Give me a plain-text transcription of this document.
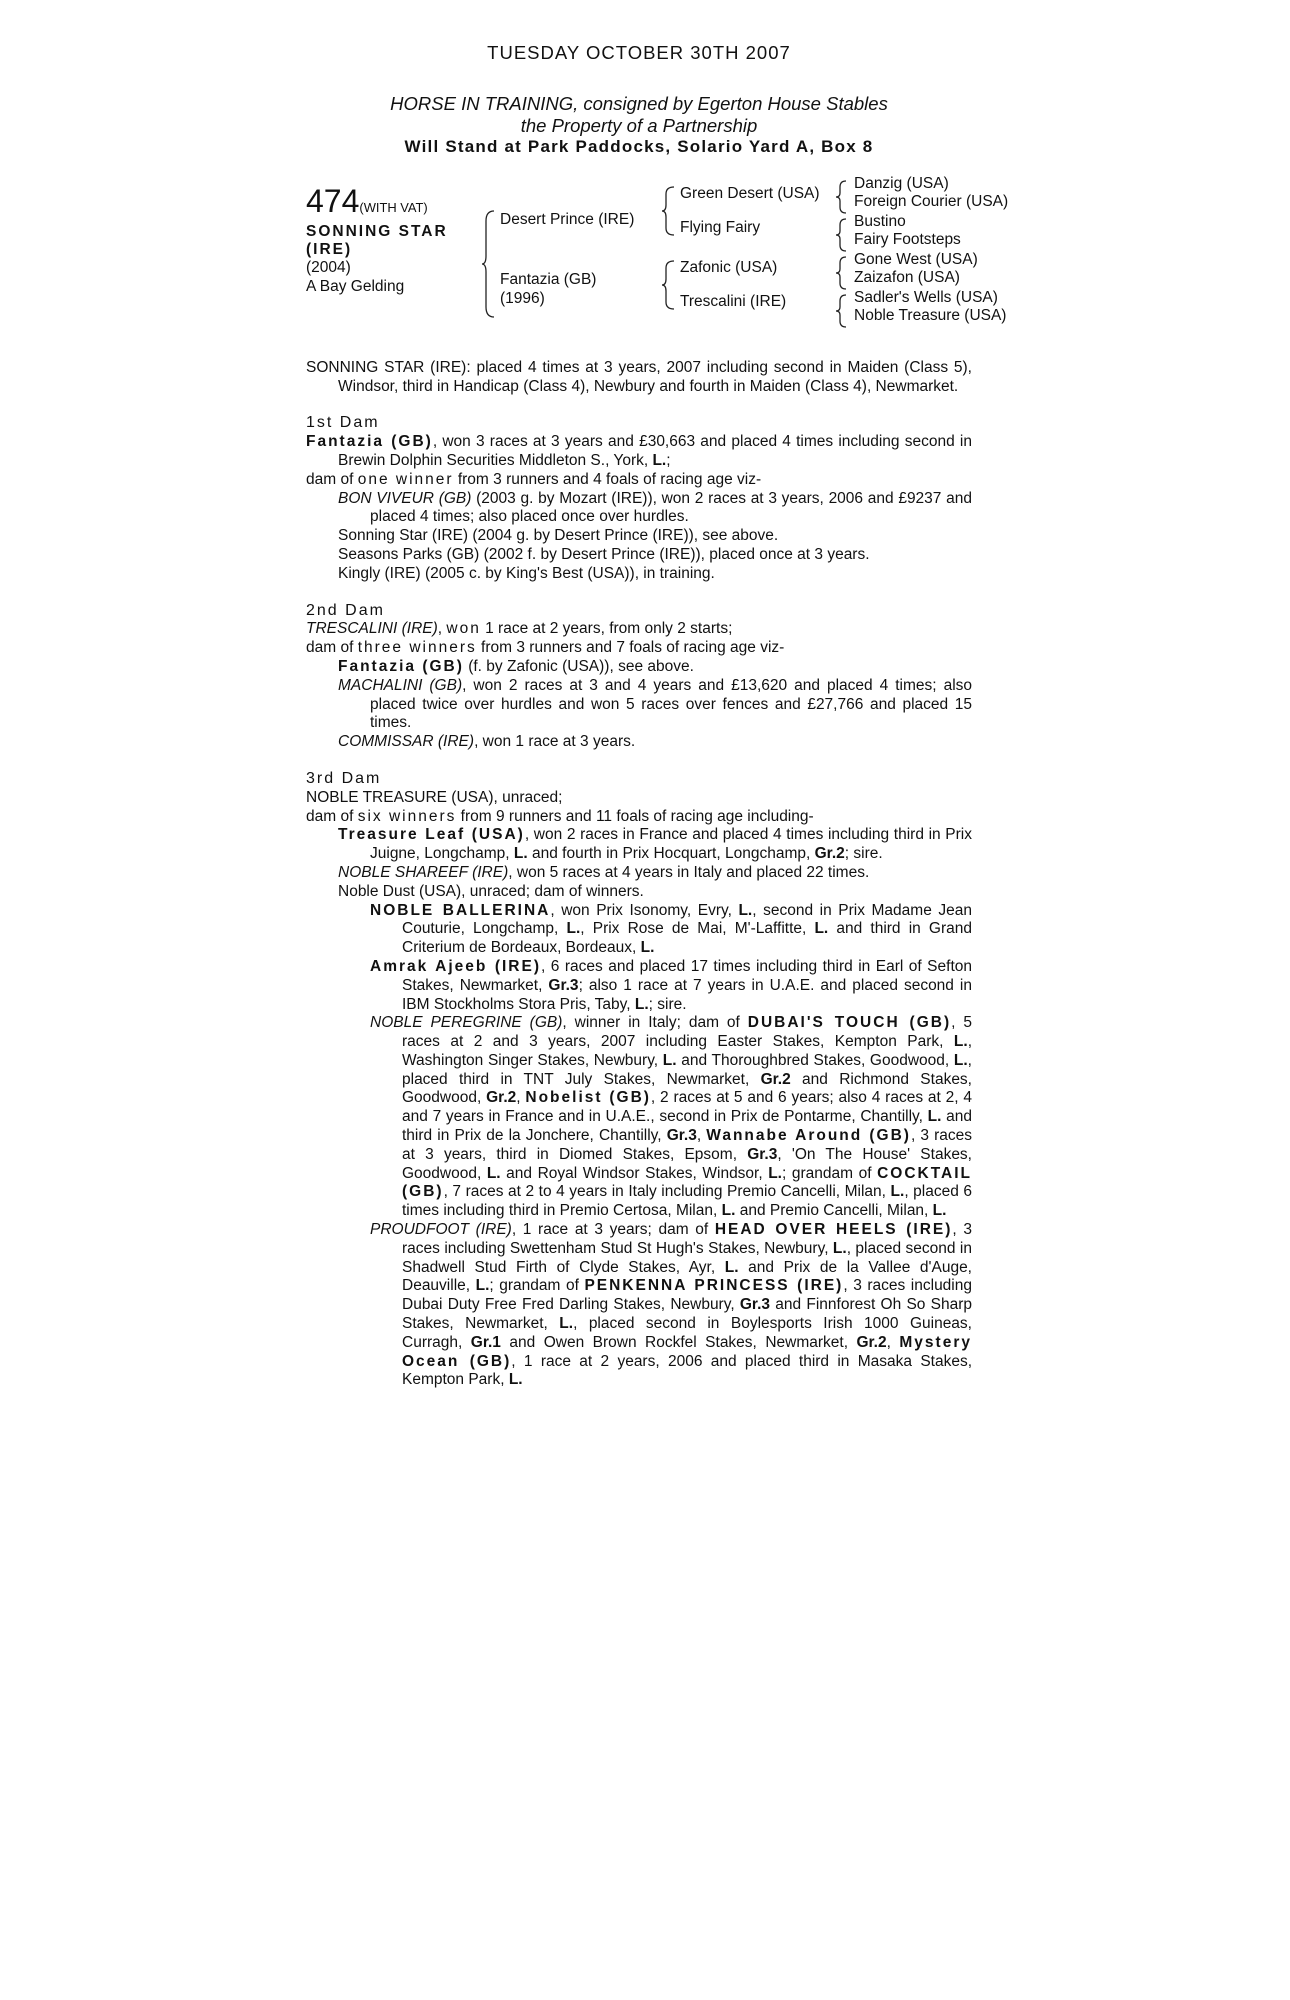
TUESDAY OCTOBER 30TH 2007
HORSE IN TRAINING, consigned by Egerton House Stables
the Property of a Partnership
Will Stand at Park Paddocks, Solario Yard A, Box 8
474(WITH VAT)
SONNING STAR
(IRE)
(2004)
A Bay Gelding
Desert Prince (IRE)
Fantazia (GB)
(1996)
Green Desert (USA)
Flying Fairy
Zafonic (USA)
Trescalini (IRE)
Danzig (USA)
Foreign Courier (USA)
Bustino
Fairy Footsteps
Gone West (USA)
Zaizafon (USA)
Sadler's Wells (USA)
Noble Treasure (USA)

SONNING STAR (IRE): placed 4 times at 3 years, 2007 including second in Maiden (Class 5), Windsor, third in Handicap (Class 4), Newbury and fourth in Maiden (Class 4), Newmarket.

1st Dam

Fantazia (GB), won 3 races at 3 years and £30,663 and placed 4 times including second in Brewin Dolphin Securities Middleton S., York, L.;

dam of one winner from 3 runners and 4 foals of racing age viz-

BON VIVEUR (GB) (2003 g. by Mozart (IRE)), won 2 races at 3 years, 2006 and £9237 and placed 4 times; also placed once over hurdles.

Sonning Star (IRE) (2004 g. by Desert Prince (IRE)), see above.

Seasons Parks (GB) (2002 f. by Desert Prince (IRE)), placed once at 3 years.

Kingly (IRE) (2005 c. by King's Best (USA)), in training.

2nd Dam

TRESCALINI (IRE), won 1 race at 2 years, from only 2 starts;

dam of three winners from 3 runners and 7 foals of racing age viz-

Fantazia (GB) (f. by Zafonic (USA)), see above.

MACHALINI (GB), won 2 races at 3 and 4 years and £13,620 and placed 4 times; also placed twice over hurdles and won 5 races over fences and £27,766 and placed 15 times.

COMMISSAR (IRE), won 1 race at 3 years.

3rd Dam

NOBLE TREASURE (USA), unraced;

dam of six winners from 9 runners and 11 foals of racing age including-

Treasure Leaf (USA), won 2 races in France and placed 4 times including third in Prix Juigne, Longchamp, L. and fourth in Prix Hocquart, Longchamp, Gr.2; sire.

NOBLE SHAREEF (IRE), won 5 races at 4 years in Italy and placed 22 times.

Noble Dust (USA), unraced; dam of winners.

NOBLE BALLERINA, won Prix Isonomy, Evry, L., second in Prix Madame Jean Couturie, Longchamp, L., Prix Rose de Mai, M'-Laffitte, L. and third in Grand Criterium de Bordeaux, Bordeaux, L.

Amrak Ajeeb (IRE), 6 races and placed 17 times including third in Earl of Sefton Stakes, Newmarket, Gr.3; also 1 race at 7 years in U.A.E. and placed second in IBM Stockholms Stora Pris, Taby, L.; sire.

NOBLE PEREGRINE (GB), winner in Italy; dam of DUBAI'S TOUCH (GB), 5 races at 2 and 3 years, 2007 including Easter Stakes, Kempton Park, L., Washington Singer Stakes, Newbury, L. and Thoroughbred Stakes, Goodwood, L., placed third in TNT July Stakes, Newmarket, Gr.2 and Richmond Stakes, Goodwood, Gr.2, Nobelist (GB), 2 races at 5 and 6 years; also 4 races at 2, 4 and 7 years in France and in U.A.E., second in Prix de Pontarme, Chantilly, L. and third in Prix de la Jonchere, Chantilly, Gr.3, Wannabe Around (GB), 3 races at 3 years, third in Diomed Stakes, Epsom, Gr.3, 'On The House' Stakes, Goodwood, L. and Royal Windsor Stakes, Windsor, L.; grandam of COCKTAIL (GB), 7 races at 2 to 4 years in Italy including Premio Cancelli, Milan, L., placed 6 times including third in Premio Certosa, Milan, L. and Premio Cancelli, Milan, L.

PROUDFOOT (IRE), 1 race at 3 years; dam of HEAD OVER HEELS (IRE), 3 races including Swettenham Stud St Hugh's Stakes, Newbury, L., placed second in Shadwell Stud Firth of Clyde Stakes, Ayr, L. and Prix de la Vallee d'Auge, Deauville, L.; grandam of PENKENNA PRINCESS (IRE), 3 races including Dubai Duty Free Fred Darling Stakes, Newbury, Gr.3 and Finnforest Oh So Sharp Stakes, Newmarket, L., placed second in Boylesports Irish 1000 Guineas, Curragh, Gr.1 and Owen Brown Rockfel Stakes, Newmarket, Gr.2, Mystery Ocean (GB), 1 race at 2 years, 2006 and placed third in Masaka Stakes, Kempton Park, L.
